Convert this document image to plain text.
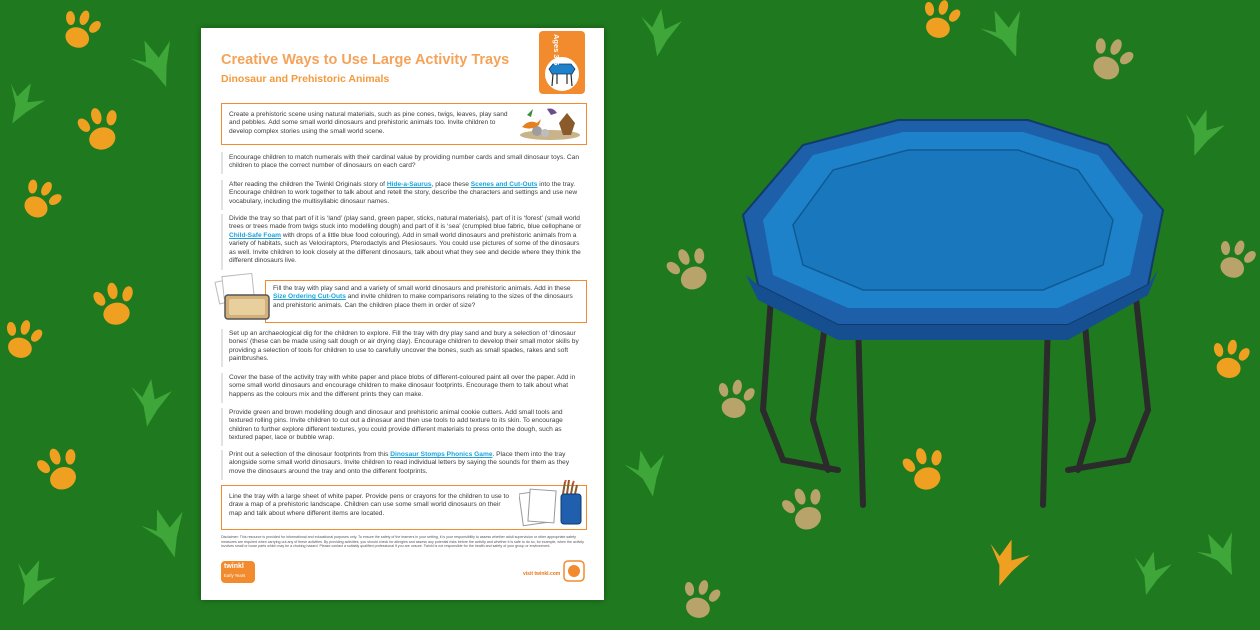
Creative Ways to Use Large Activity Trays
Dinosaur and Prehistoric Animals
Ages 3-5
Create a prehistoric scene using natural materials, such as pine cones, twigs, leaves, play sand and pebbles. Add some small world dinosaurs and prehistoric animals too. Invite children to develop complex stories using the small world scene.
Encourage children to match numerals with their cardinal value by providing number cards and small dinosaur toys. Can children to place the correct number of dinosaurs on each card?
After reading the children the Twinkl Originals story of Hide-a-Saurus, place these Scenes and Cut-Outs into the tray. Encourage children to work together to talk about and retell the story, describe the characters and settings and use new vocabulary, including the multisyllabic dinosaur names.
Divide the tray so that part of it is ‘land’ (play sand, green paper, sticks, natural materials), part of it is ‘forest’ (small world trees or trees made from twigs stuck into modelling dough) and part of it is ‘sea’ (crumpled blue fabric, blue cellophane or Child-Safe Foam with drops of a little blue food colouring). Add in small world dinosaurs and prehistoric animals from a variety of habitats, such as Velociraptors, Pterodactyls and Plesiosaurs. You could use pictures of some of the dinosaurs as well. Invite children to look closely at the different dinosaurs, talk about what they see and decide where they think the different dinosaurs live.
Fill the tray with play sand and a variety of small world dinosaurs and prehistoric animals. Add in these Size Ordering Cut-Outs and invite children to make comparisons relating to the sizes of the dinosaurs and prehistoric animals. Can the children place them in order of size?
Set up an archaeological dig for the children to explore. Fill the tray with dry play sand and bury a selection of ‘dinosaur bones’ (these can be made using salt dough or air drying clay). Encourage children to develop their small motor skills by providing a selection of tools for children to use to carefully uncover the bones, such as small spades, rakes and soft paintbrushes.
Cover the base of the activity tray with white paper and place blobs of different-coloured paint all over the paper. Add in some small world dinosaurs and encourage children to make dinosaur footprints. Encourage them to talk about what happens as the colours mix and the different prints they can make.
Provide green and brown modelling dough and dinosaur and prehistoric animal cookie cutters. Add small tools and textured rolling pins. Invite children to cut out a dinosaur and then use tools to add texture to its skin. To encourage children to further explore different textures, you could provide different materials to press onto the dough, such as textured paper, lace or bubble wrap.
Print out a selection of the dinosaur footprints from this Dinosaur Stomps Phonics Game. Place them into the tray alongside some small world dinosaurs. Invite children to read individual letters by saying the sounds for them as they move the dinosaurs around the tray and onto the different footprints.
Line the tray with a large sheet of white paper. Provide pens or crayons for the children to use to draw a map of a prehistoric landscape. Children can use some small world dinosaurs on their map and talk about where different items are located.
Disclaimer: This resource is provided for informational and educational purposes only. To ensure the safety of the learners in your setting, it is your responsibility to assess whether adult supervision or other appropriate safety measures are required when carrying out any of these activities. By providing activities, you should check for allergies and assess any potential risks before the activity and whether it is safe to do so, for example, when the activity involves small or loose parts which may be a choking hazard. Please contact a suitably qualified professional if you are unsure. Twinkl is not responsible for the health and safety of your group or environment.
twinkl
Early Years	visit twinkl.com
